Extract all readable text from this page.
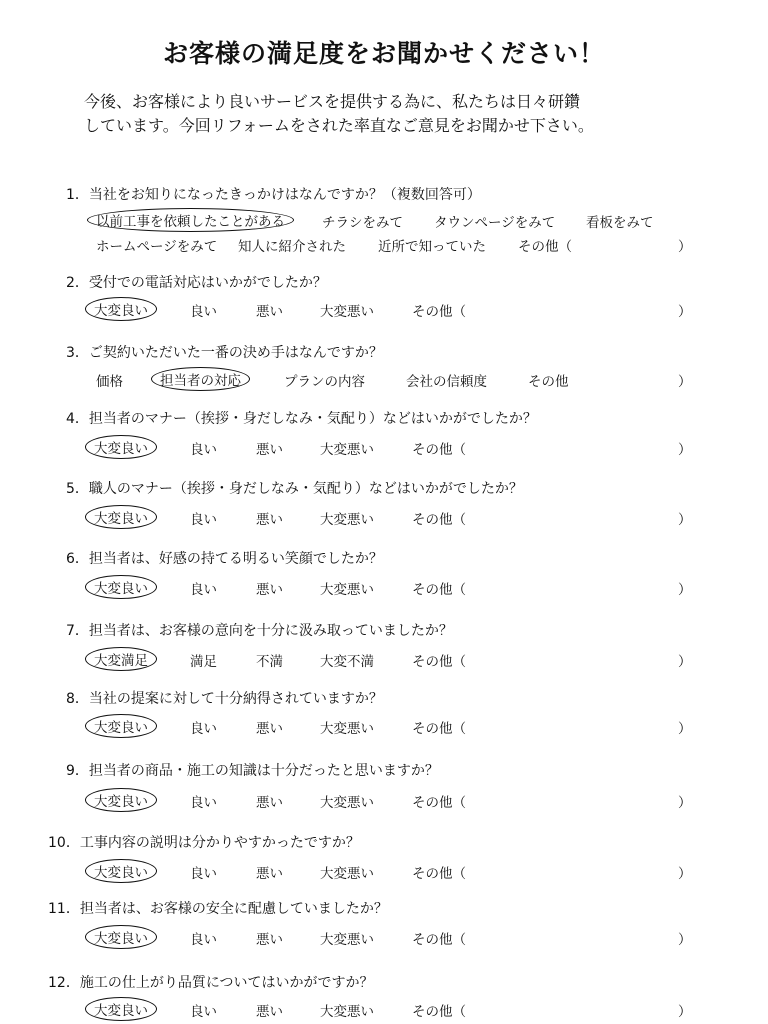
お客様の満足度をお聞かせください！
今後、お客様により良いサービスを提供する為に、私たちは日々研鑽
しています。今回リフォームをされた率直なご意見をお聞かせ下さい。
1．当社をお知りになったきっかけはなんですか？（複数回答可）
以前工事を依頼したことがある	チラシをみて タウンページをみて 看板をみて
ホームページをみて 知人に紹介された 近所で知っていた その他（	）
2．受付での電話対応はいかがでしたか？
大変良い	良い	悪い	大変悪い	その他（	）
3．ご契約いただいた一番の決め手はなんですか？
価格	担当者の対応	プランの内容	会社の信頼度	その他	）
4．担当者のマナー（挨拶・身だしなみ・気配り）などはいかがでしたか？
大変良い	良い	悪い	大変悪い	その他（	）
5．職人のマナー（挨拶・身だしなみ・気配り）などはいかがでしたか？
大変良い	良い	悪い	大変悪い	その他（	）
6．担当者は、好感の持てる明るい笑顔でしたか？
大変良い	良い	悪い	大変悪い	その他（	）
7．担当者は、お客様の意向を十分に汲み取っていましたか？
大変満足	満足	不満	大変不満	その他（	）
8．当社の提案に対して十分納得されていますか？
大変良い	良い	悪い	大変悪い	その他（	）
9．担当者の商品・施工の知識は十分だったと思いますか？
大変良い	良い	悪い	大変悪い	その他（	）
10．工事内容の説明は分かりやすかったですか？
大変良い	良い	悪い	大変悪い	その他（	）
11．担当者は、お客様の安全に配慮していましたか？
大変良い	良い	悪い	大変悪い	その他（	）
12．施工の仕上がり品質についてはいかがですか？
大変良い	良い	悪い	大変悪い	その他（	）
